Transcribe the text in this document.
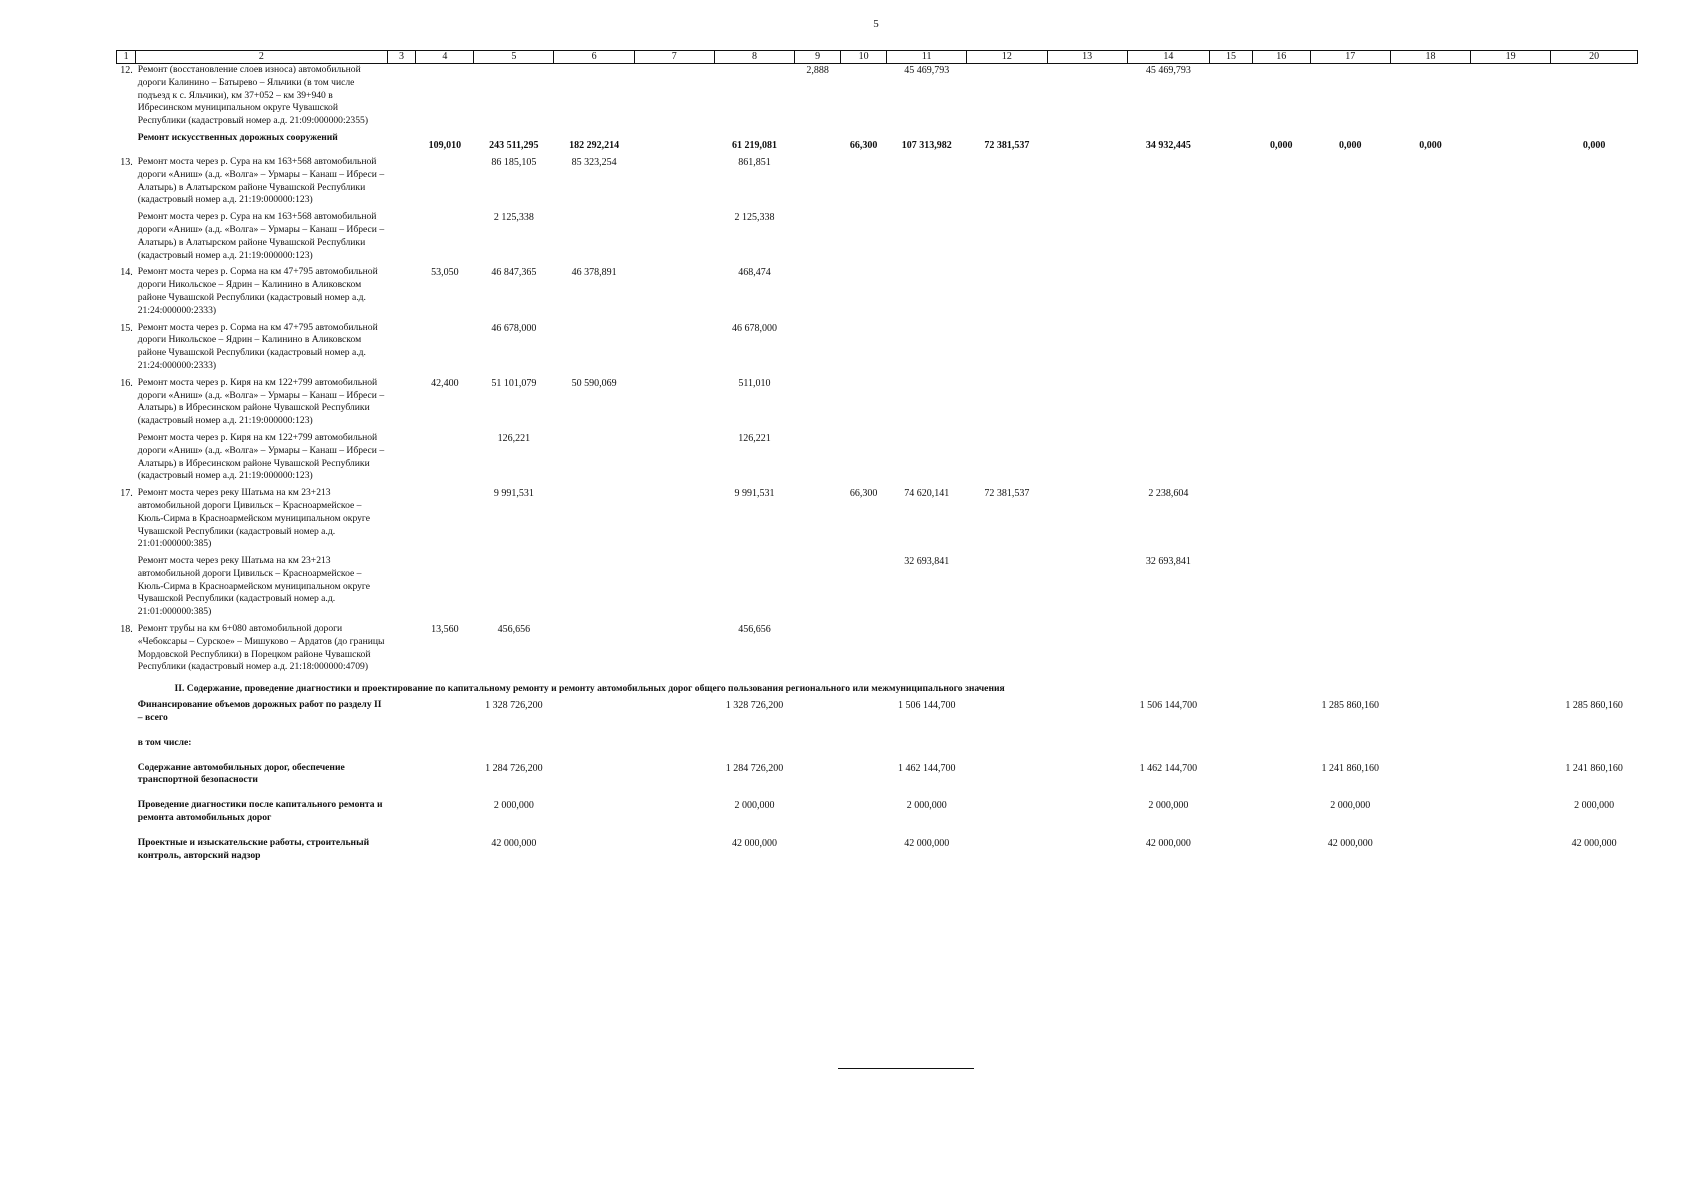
5
1	2	3	4	5	6	7	8	9	10	11	12	13	14	15	16	17	18	19	20
12.	Ремонт (восстановление слоев износа) автомобильной дороги Калинино – Батырево – Яльчики (в том числе подъезд к с. Яльчики), км 37+052 – км 39+940 в Ибресинском муниципальном округе Чувашской Республики (кадастровый номер а.д. 21:09:000000:2355)							2,888		45 469,793			45 469,793						

	Ремонт искусственных дорожных сооружений		109,010	243 511,295	182 292,214		61 219,081		66,300	107 313,982	72 381,537		34 932,445		0,000	0,000	0,000		0,000

13.	Ремонт моста через р. Сура на км 163+568 автомобильной дороги «Аниш» (а.д. «Волга» – Урмары – Канаш – Ибреси – Алатырь) в Алатырском районе Чувашской Республики (кадастровый номер а.д. 21:19:000000:123)			86 185,105	85 323,254		861,851												

	Ремонт моста через р. Сура на км 163+568 автомобильной дороги «Аниш» (а.д. «Волга» – Урмары – Канаш – Ибреси – Алатырь) в Алатырском районе Чувашской Республики (кадастровый номер а.д. 21:19:000000:123)			2 125,338			2 125,338												

14.	Ремонт моста через р. Сорма на км 47+795 автомобильной дороги Никольское – Ядрин – Калинино в Аликовском районе Чувашской Республики (кадастровый номер а.д. 21:24:000000:2333)		53,050	46 847,365	46 378,891		468,474												

15.	Ремонт моста через р. Сорма на км 47+795 автомобильной дороги Никольское – Ядрин – Калинино в Аликовском районе Чувашской Республики (кадастровый номер а.д. 21:24:000000:2333)			46 678,000			46 678,000												

16.	Ремонт моста через р. Киря на км 122+799 автомобильной дороги «Аниш» (а.д. «Волга» – Урмары – Канаш – Ибреси – Алатырь) в Ибресинском районе Чувашской Республики (кадастровый номер а.д. 21:19:000000:123)		42,400	51 101,079	50 590,069		511,010												

	Ремонт моста через р. Киря на км 122+799 автомобильной дороги «Аниш» (а.д. «Волга» – Урмары – Канаш – Ибреси – Алатырь) в Ибресинском районе Чувашской Республики (кадастровый номер а.д. 21:19:000000:123)			126,221			126,221												

17.	Ремонт моста через реку Шатьма на км 23+213 автомобильной дороги Цивильск – Красноармейское – Кюль-Сирма в Красноармейском муниципальном округе Чувашской Республики (кадастровый номер а.д. 21:01:000000:385)			9 991,531			9 991,531		66,300	74 620,141	72 381,537		2 238,604						

	Ремонт моста через реку Шатьма на км 23+213 автомобильной дороги Цивильск – Красноармейское – Кюль-Сирма в Красноармейском муниципальном округе Чувашской Республики (кадастровый номер а.д. 21:01:000000:385)									32 693,841			32 693,841						

18.	Ремонт трубы на км 6+080 автомобильной дороги «Чебоксары – Сурское» – Мишуково – Ардатов (до границы Мордовской Республики) в Порецком районе Чувашской Республики (кадастровый номер а.д. 21:18:000000:4709)		13,560	456,656			456,656												

II. Содержание, проведение диагностики и проектирование по капитальному ремонту и ремонту автомобильных дорог общего пользования регионального или межмуниципального значения																			
	Финансирование объемов дорожных работ по разделу II – всего			1 328 726,200			1 328 726,200			1 506 144,700			1 506 144,700			1 285 860,160			1 285 860,160

	в том числе:																		

	Содержание автомобильных дорог, обеспечение транспортной безопасности			1 284 726,200			1 284 726,200			1 462 144,700			1 462 144,700			1 241 860,160			1 241 860,160

	Проведение диагностики после капитального ремонта и ремонта автомобильных дорог			2 000,000			2 000,000			2 000,000			2 000,000			2 000,000			2 000,000

	Проектные и изыскательские работы, строительный контроль, авторский надзор			42 000,000			42 000,000			42 000,000			42 000,000			42 000,000			42 000,000
